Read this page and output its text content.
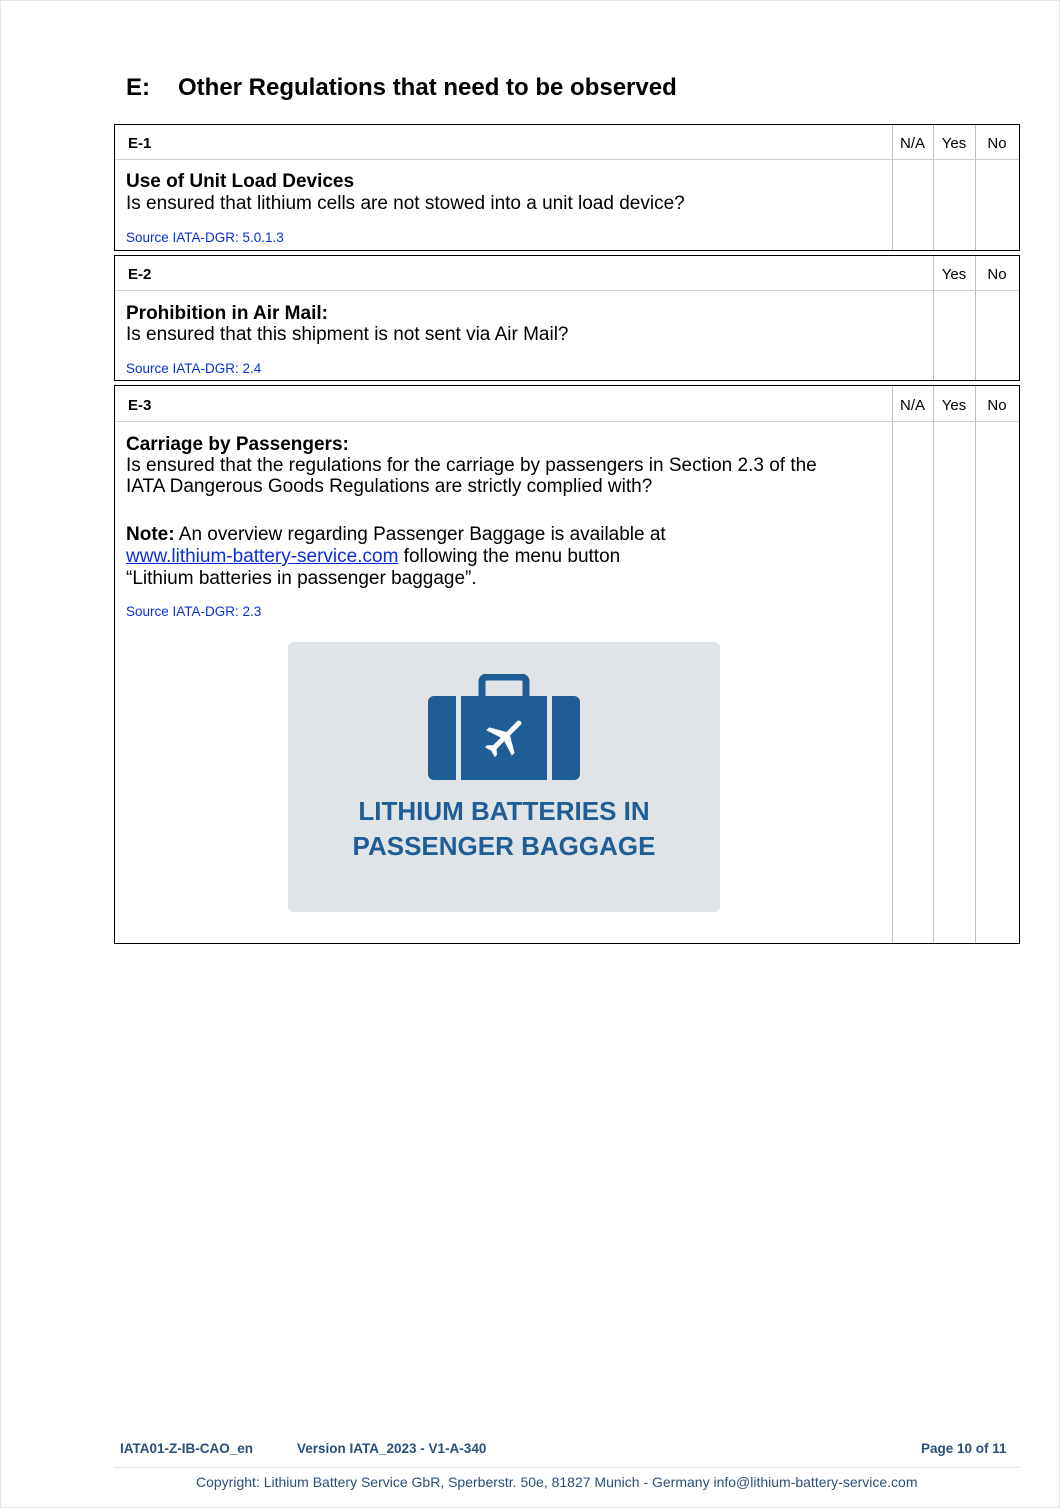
E: Other Regulations that need to be observed
E-1	N/A	Yes	No
Use of Unit Load Devices
Is ensured that lithium cells are not stowed into a unit load device?
Source IATA-DGR: 5.0.1.3
E-2	Yes	No
Prohibition in Air Mail:
Is ensured that this shipment is not sent via Air Mail?
Source IATA-DGR: 2.4
E-3	N/A	Yes	No
Carriage by Passengers:
Is ensured that the regulations for the carriage by passengers in Section 2.3 of the
IATA Dangerous Goods Regulations are strictly complied with?
Note: An overview regarding Passenger Baggage is available at
www.lithium-battery-service.com following the menu button
“Lithium batteries in passenger baggage”.
Source IATA-DGR: 2.3
LITHIUM BATTERIES IN
PASSENGER BAGGAGE
IATA01-Z-IB-CAO_en	Version IATA_2023 - V1-A-340	Page 10 of 11
Copyright: Lithium Battery Service GbR, Sperberstr. 50e, 81827 Munich - Germany info@lithium-battery-service.com
